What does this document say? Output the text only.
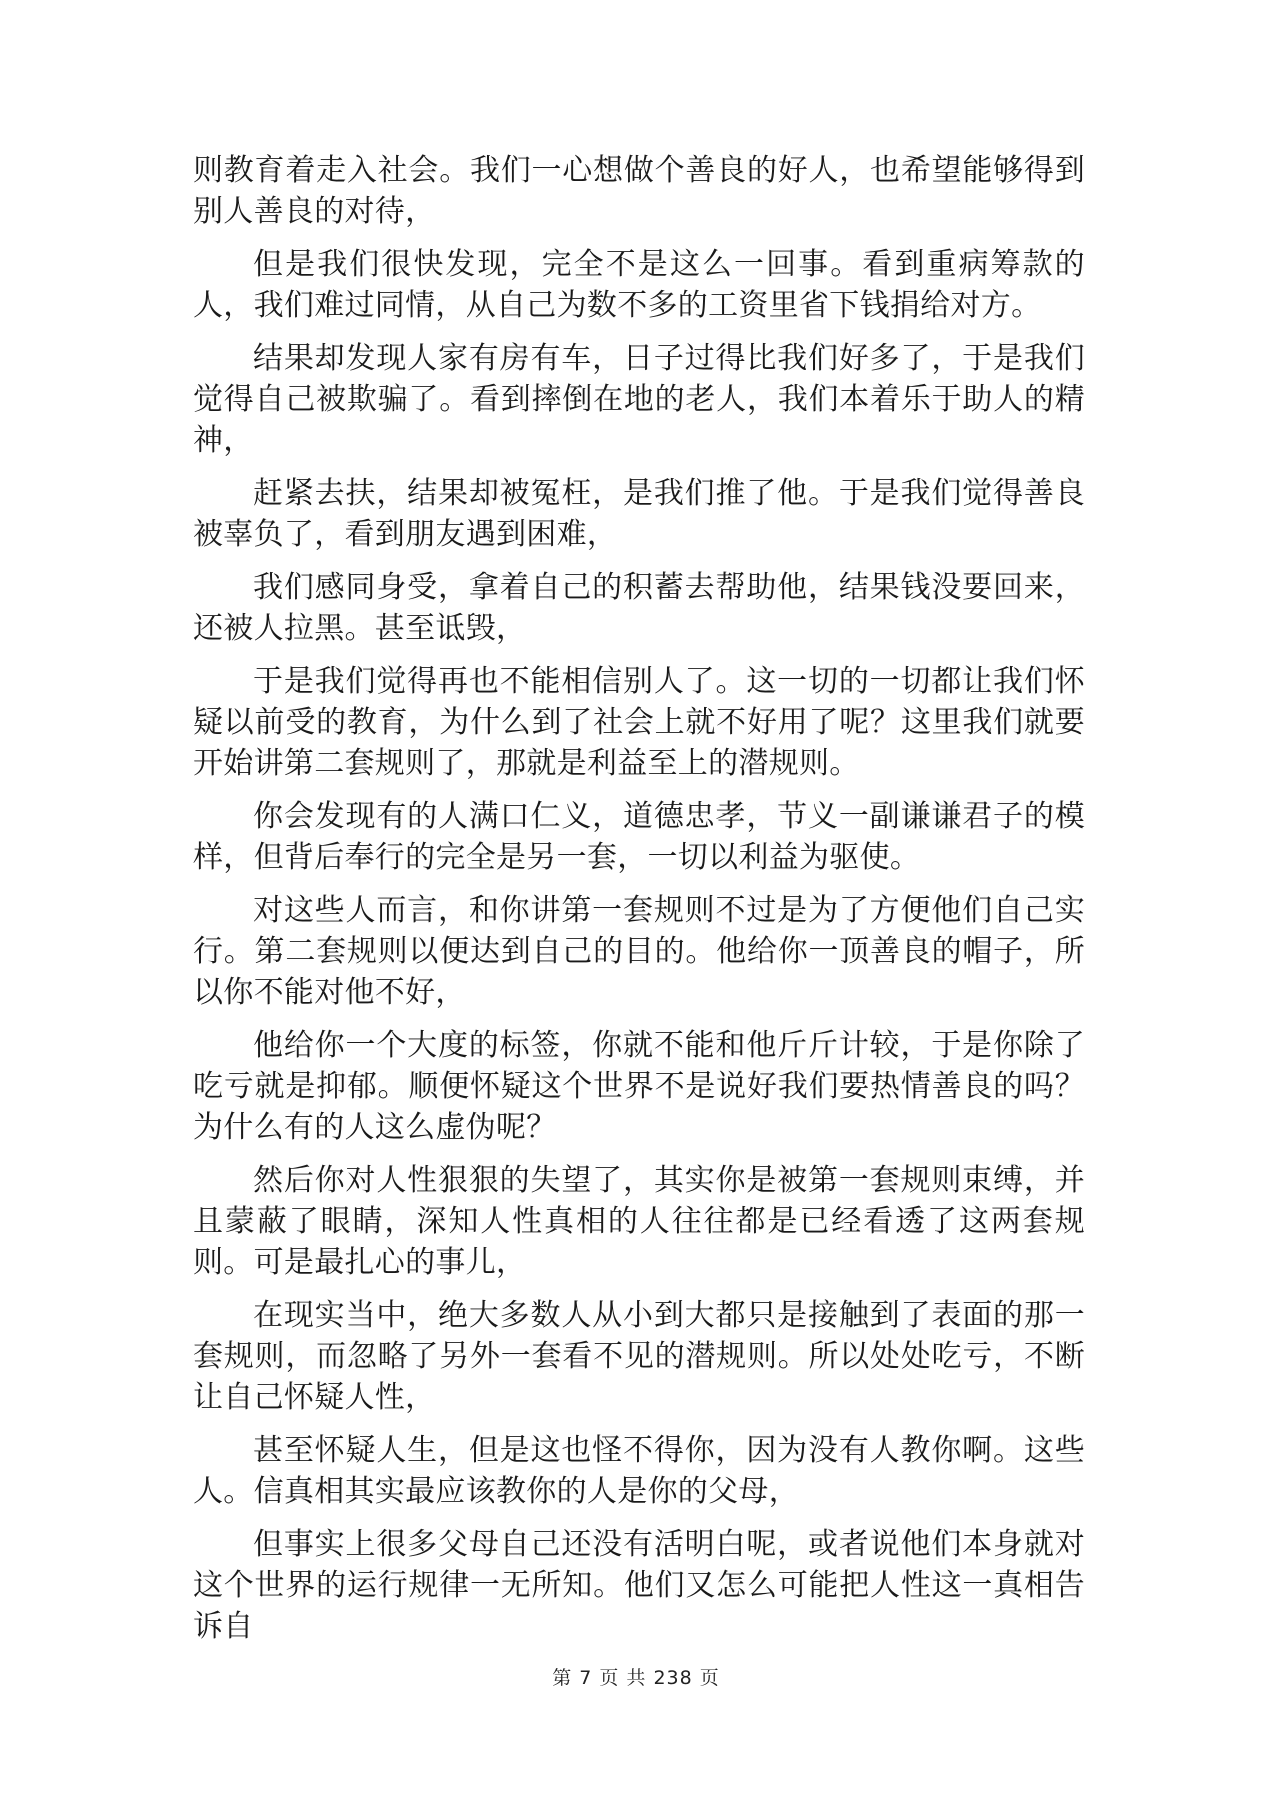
则教育着走入社会。我们一心想做个善良的好人，也希望能够得到别人善良的对待，

但是我们很快发现，完全不是这么一回事。看到重病筹款的人，我们难过同情，从自己为数不多的工资里省下钱捐给对方。

结果却发现人家有房有车，日子过得比我们好多了，于是我们觉得自己被欺骗了。看到摔倒在地的老人，我们本着乐于助人的精神，

赶紧去扶，结果却被冤枉，是我们推了他。于是我们觉得善良被辜负了，看到朋友遇到困难，

我们感同身受，拿着自己的积蓄去帮助他，结果钱没要回来，还被人拉黑。甚至诋毁，

于是我们觉得再也不能相信别人了。这一切的一切都让我们怀疑以前受的教育，为什么到了社会上就不好用了呢？这里我们就要开始讲第二套规则了，那就是利益至上的潜规则。

你会发现有的人满口仁义，道德忠孝，节义一副谦谦君子的模样，但背后奉行的完全是另一套，一切以利益为驱使。

对这些人而言，和你讲第一套规则不过是为了方便他们自己实行。第二套规则以便达到自己的目的。他给你一顶善良的帽子，所以你不能对他不好，

他给你一个大度的标签，你就不能和他斤斤计较，于是你除了吃亏就是抑郁。顺便怀疑这个世界不是说好我们要热情善良的吗？为什么有的人这么虚伪呢？

然后你对人性狠狠的失望了，其实你是被第一套规则束缚，并且蒙蔽了眼睛，深知人性真相的人往往都是已经看透了这两套规则。可是最扎心的事儿，

在现实当中，绝大多数人从小到大都只是接触到了表面的那一套规则，而忽略了另外一套看不见的潜规则。所以处处吃亏，不断让自己怀疑人性，

甚至怀疑人生，但是这也怪不得你，因为没有人教你啊。这些人。信真相其实最应该教你的人是你的父母，

但事实上很多父母自己还没有活明白呢，或者说他们本身就对这个世界的运行规律一无所知。他们又怎么可能把人性这一真相告诉自

第 7 页 共 238 页
